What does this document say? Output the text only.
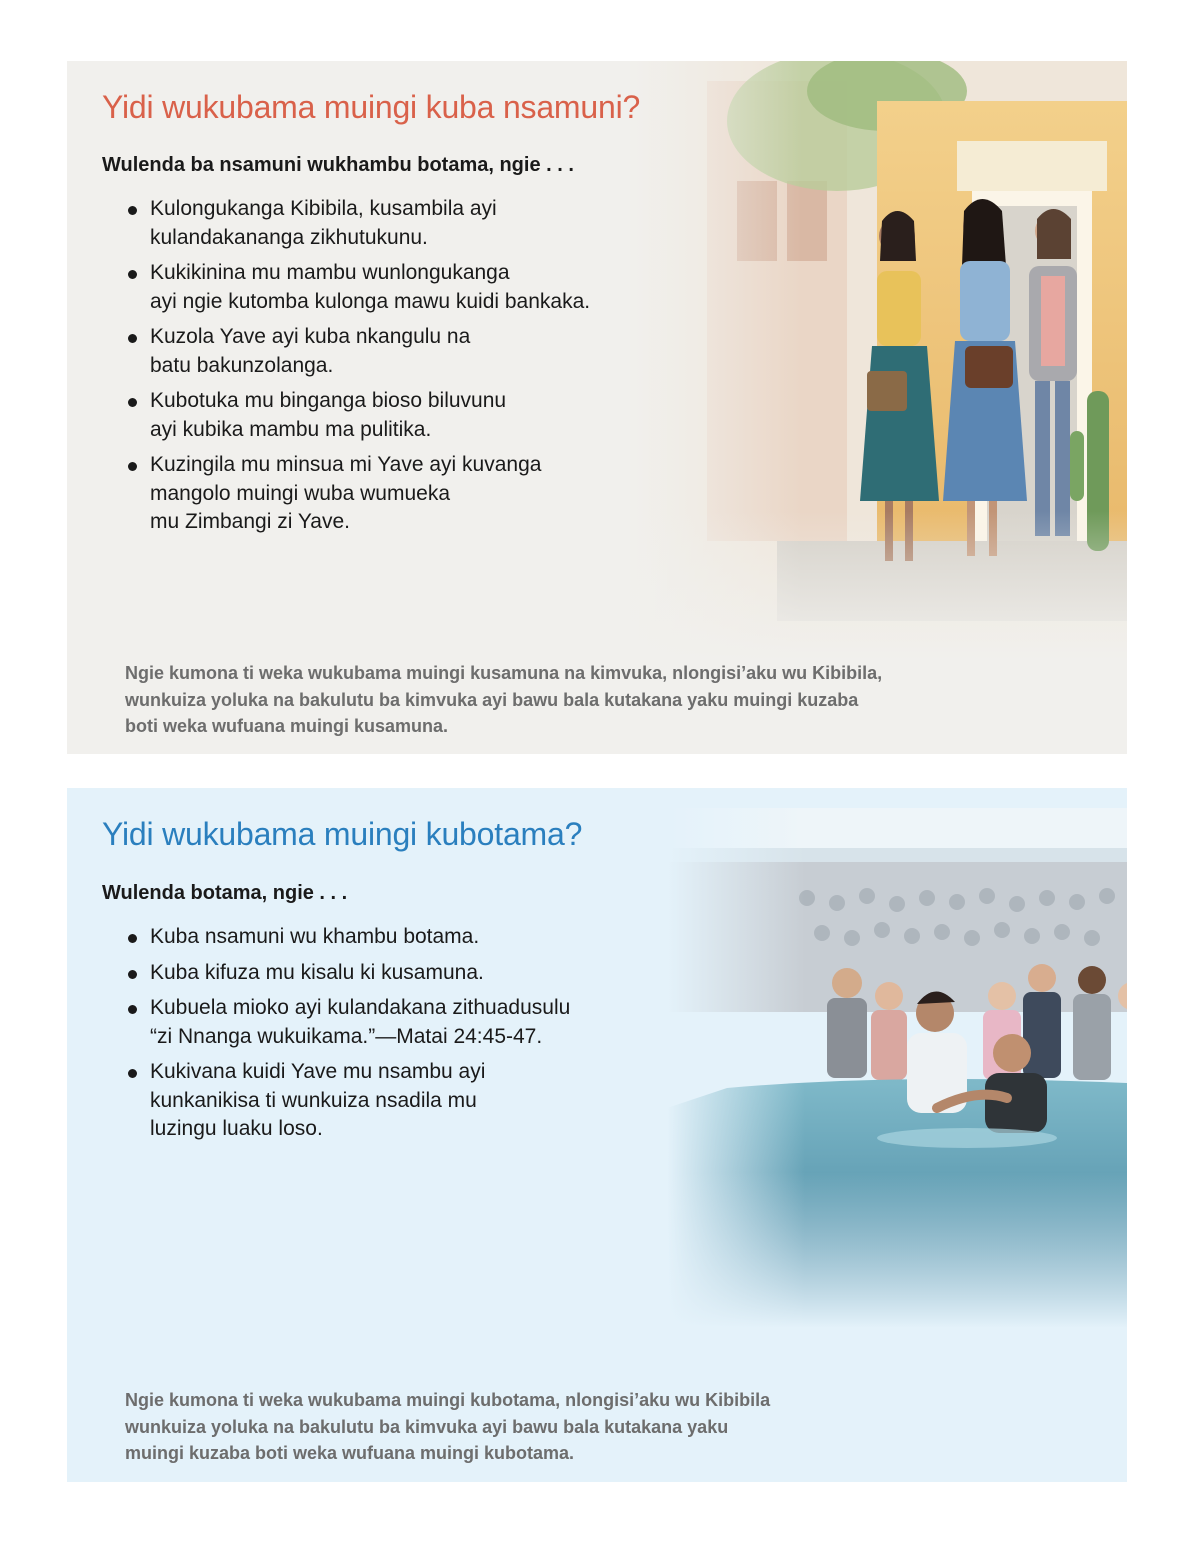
Yidi wukubama muingi kuba nsamuni?

Wulenda ba nsamuni wukhambu botama, ngie . . .

Kulongukanga Kibibila, kusambila ayi
kulandakananga zikhutukunu.
Kukikinina mu mambu wunlongukanga
ayi ngie kutomba kulonga mawu kuidi bankaka.
Kuzola Yave ayi kuba nkangulu na
batu bakunzolanga.
Kubotuka mu binganga bioso biluvunu
ayi kubika mambu ma pulitika.
Kuzingila mu minsua mi Yave ayi kuvanga
mangolo muingi wuba wumueka
mu Zimbangi zi Yave.

Ngie kumona ti weka wukubama muingi kusamuna na kimvuka, nlongisi’aku wu Kibibila,
wunkuiza yoluka na bakulutu ba kimvuka ayi bawu bala kutakana yaku muingi kuzaba
boti weka wufuana muingi kusamuna.

Yidi wukubama muingi kubotama?

Wulenda botama, ngie . . .

Kuba nsamuni wu khambu botama.
Kuba kifuza mu kisalu ki kusamuna.
Kubuela mioko ayi kulandakana zithuadusulu
“zi Nnanga wukuikama.”—Matai 24:45-47.
Kukivana kuidi Yave mu nsambu ayi
kunkanikisa ti wunkuiza nsadila mu
luzingu luaku loso.

Ngie kumona ti weka wukubama muingi kubotama, nlongisi’aku wu Kibibila
wunkuiza yoluka na bakulutu ba kimvuka ayi bawu bala kutakana yaku
muingi kuzaba boti weka wufuana muingi kubotama.
